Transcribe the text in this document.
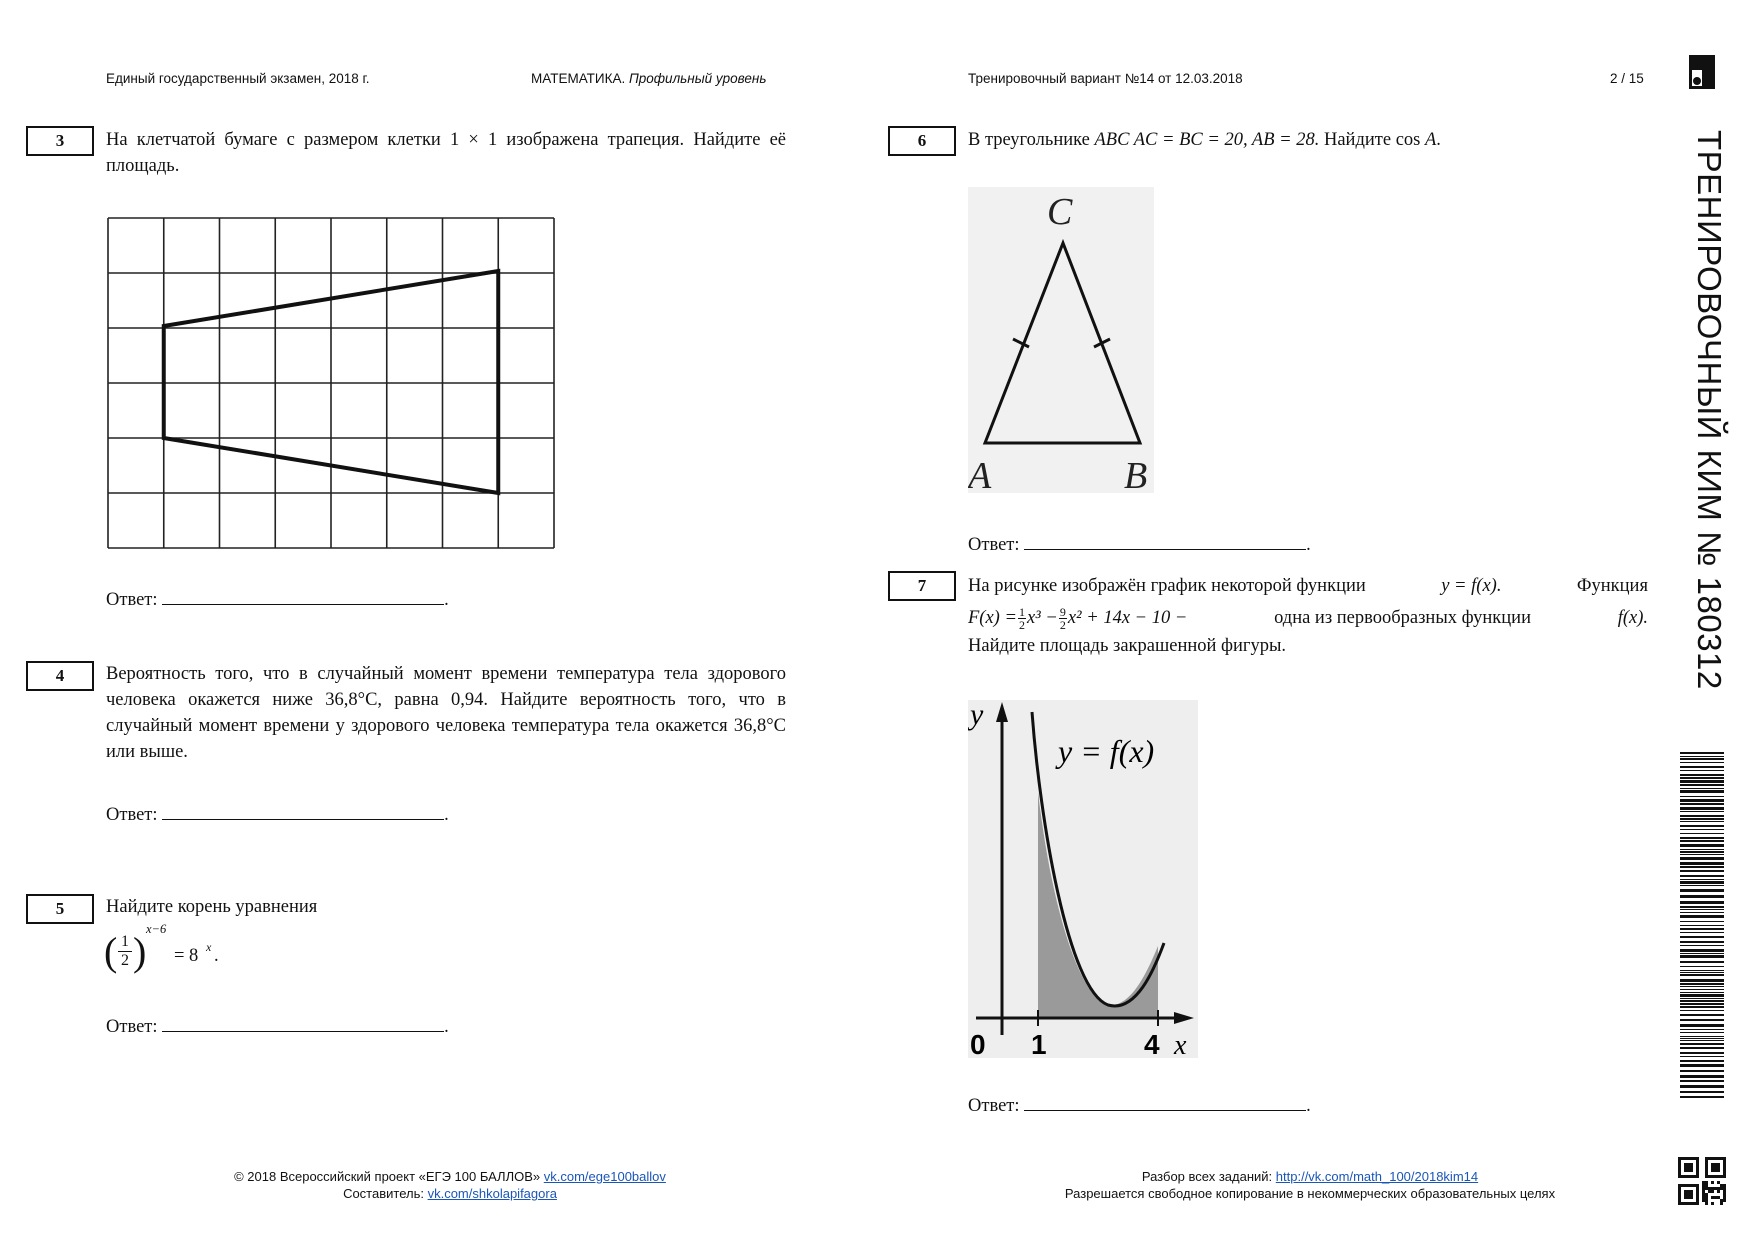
Единый государственный экзамен, 2018 г.	МАТЕМАТИКА. Профильный уровень	Тренировочный вариант №14 от 12.03.2018	2 / 15
ТРЕНИРОВОЧНЫЙ КИМ № 180312
3	На клетчатой бумаге с размером клетки 1 × 1 изображена трапеция. Найдите её площадь.
Ответ:	.
4	Вероятность того, что в случайный момент времени температура тела здорового человека окажется ниже 36,8°С, равна 0,94. Найдите вероятность того, что в случайный момент времени у здорового человека температура тела окажется 36,8°С или выше.
Ответ:	.
5	Найдите корень уравнения
( 1
2 ) x−6
= 8 x .
Ответ:	.
6	В треугольнике ABC AC = BC = 20, AB = 28. Найдите cos A.
C
A	B
Ответ:	.
7	На рисунке изображён график некоторой функции	y = f(x).	Функция
$F(x) = \frac{1}{2} x^3 - \frac{9}{2} x^2 + 14x - 10$ −	одна из первообразных функции	f(x).
Найдите площадь закрашенной фигуры.
y
y = f(x)
0 1	4 x
Ответ:	.
© 2018 Всероссийский проект «ЕГЭ 100 БАЛЛОВ» vk.com/ege100ballov
Составитель: vk.com/shkolapifagora
Разбор всех заданий: http://vk.com/math_100/2018kim14
Разрешается свободное копирование в некоммерческих образовательных целях
